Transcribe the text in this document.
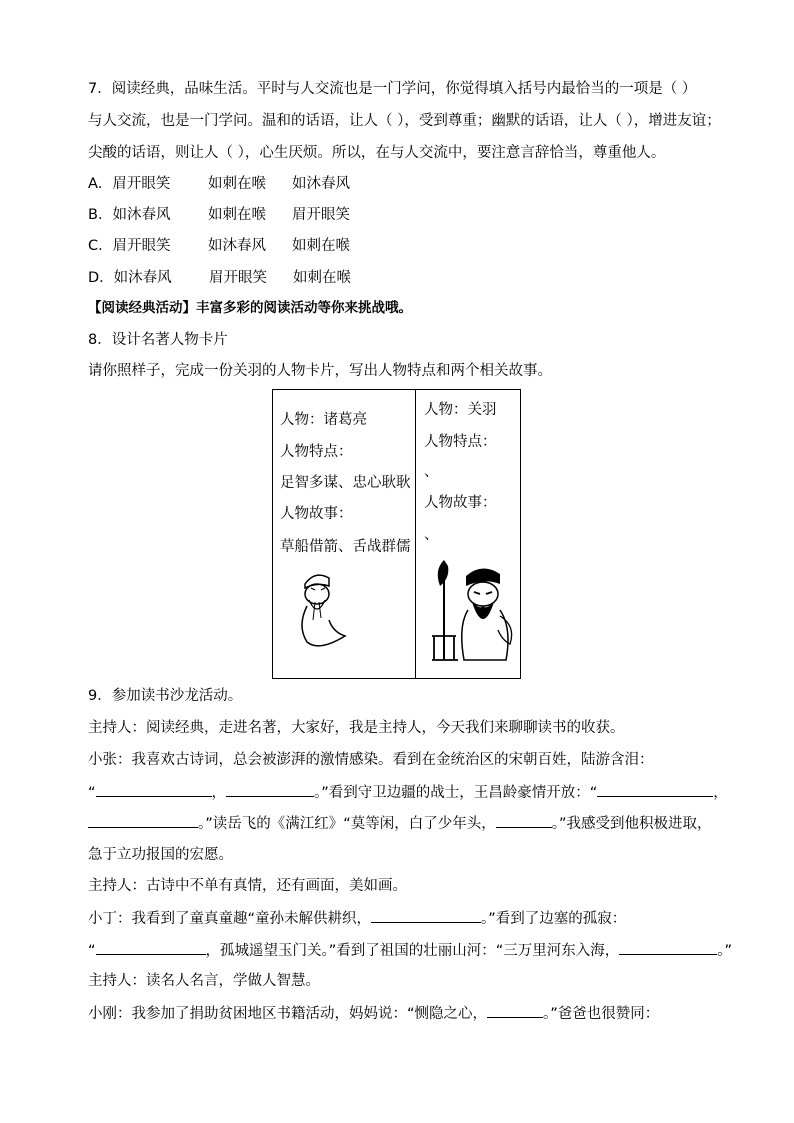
7．阅读经典，品味生活。平时与人交流也是一门学问，你觉得填入括号内最恰当的一项是（ ）
与人交流，也是一门学问。温和的话语，让人（ ），受到尊重；幽默的话语，让人（ ），增进友谊；
尖酸的话语，则让人（ ），心生厌烦。所以，在与人交流中，要注意言辞恰当，尊重他人。
A．眉开眼笑	如刺在喉 如沐春风
B．如沐春风	如刺在喉 眉开眼笑
C．眉开眼笑	如沐春风 如刺在喉
D．如沐春风	眉开眼笑 如刺在喉
【阅读经典活动】丰富多彩的阅读活动等你来挑战哦。
8．设计名著人物卡片
请你照样子，完成一份关羽的人物卡片，写出人物特点和两个相关故事。
人物：诸葛亮
人物特点：
足智多谋、忠心耿耿
人物故事：
草船借箭、舌战群儒

人物：关羽
人物特点：
、
人物故事：
、
9．参加读书沙龙活动。
主持人：阅读经典，走进名著，大家好，我是主持人，今天我们来聊聊读书的收获。
小张：我喜欢古诗词，总会被澎湃的激情感染。看到在金统治区的宋朝百姓，陆游含泪：
“	，	。”看到守卫边疆的战士，王昌龄豪情开放：“	，
。”读岳飞的《满江红》“莫等闲，白了少年头，	。”我感受到他积极进取，
急于立功报国的宏愿。
主持人：古诗中不单有真情，还有画面，美如画。
小丁：我看到了童真童趣“童孙未解供耕织，	。”看到了边塞的孤寂：
“	，孤城遥望玉门关。”看到了祖国的壮丽山河：“三万里河东入海，	。”
主持人：读名人名言，学做人智慧。
小刚：我参加了捐助贫困地区书籍活动，妈妈说：“恻隐之心，	。”爸爸也很赞同：
